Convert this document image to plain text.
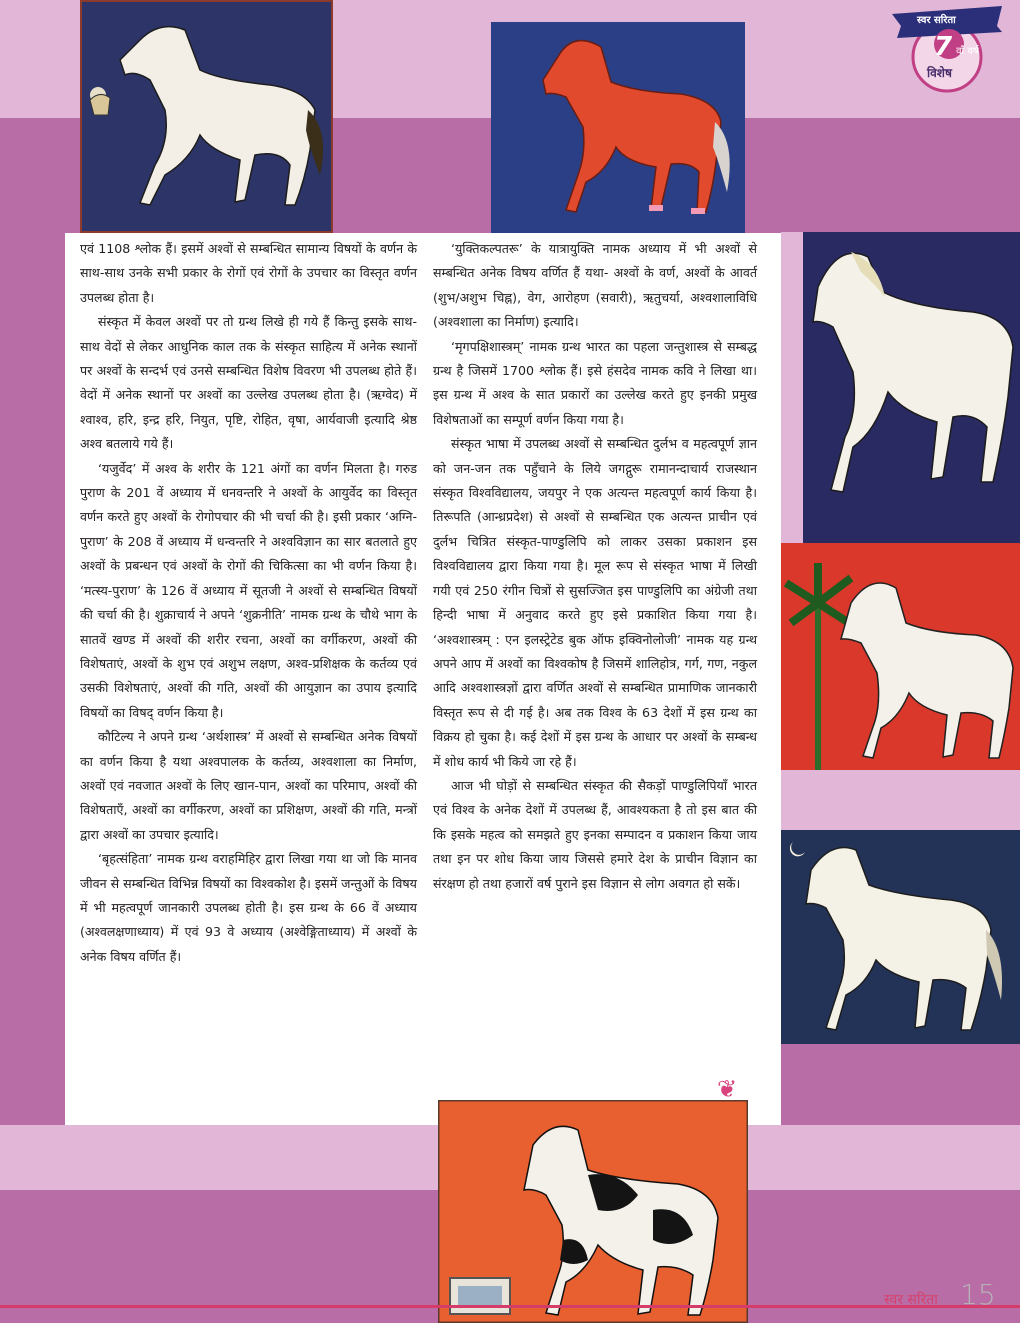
स्वर सरिता
7 वाँ वर्ष
विशेष

एवं 1108 श्लोक हैं। इसमें अश्वों से सम्बन्धित सामान्य विषयों के वर्णन के साथ-साथ उनके सभी प्रकार के रोगों एवं रोगों के उपचार का विस्तृत वर्णन उपलब्ध होता है।

संस्कृत में केवल अश्वों पर तो ग्रन्थ लिखे ही गये हैं किन्तु इसके साथ-साथ वेदों से लेकर आधुनिक काल तक के संस्कृत साहित्य में अनेक स्थानों पर अश्वों के सन्दर्भ एवं उनसे सम्बन्धित विशेष विवरण भी उपलब्ध होते हैं। वेदों में अनेक स्थानों पर अश्वों का उल्लेख उपलब्ध होता है। (ऋग्वेद) में श्वाश्व, हरि, इन्द्र हरि, नियुत, पृष्टि, रोहित, वृषा, आर्यवाजी इत्यादि श्रेष्ठ अश्व बतलाये गये हैं।

‘यजुर्वेद’ में अश्व के शरीर के 121 अंगों का वर्णन मिलता है। गरुड पुराण के 201 वें अध्याय में धनवन्तरि ने अश्वों के आयुर्वेद का विस्तृत वर्णन करते हुए अश्वों के रोगोपचार की भी चर्चा की है। इसी प्रकार ‘अग्नि-पुराण’ के 208 वें अध्याय में धन्वन्तरि ने अश्वविज्ञान का सार बतलाते हुए अश्वों के प्रबन्धन एवं अश्वों के रोगों की चिकित्सा का भी वर्णन किया है। ‘मत्स्य-पुराण’ के 126 वें अध्याय में सूतजी ने अश्वों से सम्बन्धित विषयों की चर्चा की है। शुक्राचार्य ने अपने ‘शुक्रनीति’ नामक ग्रन्थ के चौथे भाग के सातवें खण्ड में अश्वों की शरीर रचना, अश्वों का वर्गीकरण, अश्वों की विशेषताएं, अश्वों के शुभ एवं अशुभ लक्षण, अश्व-प्रशिक्षक के कर्तव्य एवं उसकी विशेषताएं, अश्वों की गति, अश्वों की आयुज्ञान का उपाय इत्यादि विषयों का विषद् वर्णन किया है।

कौटिल्य ने अपने ग्रन्थ ‘अर्थशास्त्र’ में अश्वों से सम्बन्धित अनेक विषयों का वर्णन किया है यथा अश्वपालक के कर्तव्य, अश्वशाला का निर्माण, अश्वों एवं नवजात अश्वों के लिए खान-पान, अश्वों का परिमाप, अश्वों की विशेषताएँ, अश्वों का वर्गीकरण, अश्वों का प्रशिक्षण, अश्वों की गति, मन्त्रों द्वारा अश्वों का उपचार इत्यादि।

‘बृहत्संहिता’ नामक ग्रन्थ वराहमिहिर द्वारा लिखा गया था जो कि मानव जीवन से सम्बन्धित विभिन्न विषयों का विश्वकोश है। इसमें जन्तुओं के विषय में भी महत्वपूर्ण जानकारी उपलब्ध होती है। इस ग्रन्थ के 66 वें अध्याय (अश्वलक्षणाध्याय) में एवं 93 वे अध्याय (अश्वेङ्गिताध्याय) में अश्वों के अनेक विषय वर्णित हैं।

‘युक्तिकल्पतरू’ के यात्रायुक्ति नामक अध्याय में भी अश्वों से सम्बन्धित अनेक विषय वर्णित हैं यथा- अश्वों के वर्ण, अश्वों के आवर्त (शुभ/अशुभ चिह्न), वेग, आरोहण (सवारी), ऋतुचर्या, अश्वशालाविधि (अश्वशाला का निर्माण) इत्यादि।

‘मृगपक्षिशास्त्रम्’ नामक ग्रन्थ भारत का पहला जन्तुशास्त्र से सम्बद्ध ग्रन्थ है जिसमें 1700 श्लोक हैं। इसे हंसदेव नामक कवि ने लिखा था। इस ग्रन्थ में अश्व के सात प्रकारों का उल्लेख करते हुए इनकी प्रमुख विशेषताओं का सम्पूर्ण वर्णन किया गया है।

संस्कृत भाषा में उपलब्ध अश्वों से सम्बन्धित दुर्लभ व महत्वपूर्ण ज्ञान को जन-जन तक पहुँचाने के लिये जगद्गुरू रामानन्दाचार्य राजस्थान संस्कृत विश्वविद्यालय, जयपुर ने एक अत्यन्त महत्वपूर्ण कार्य किया है। तिरूपति (आन्ध्रप्रदेश) से अश्वों से सम्बन्धित एक अत्यन्त प्राचीन एवं दुर्लभ चित्रित संस्कृत-पाण्डुलिपि को लाकर उसका प्रकाशन इस विश्वविद्यालय द्वारा किया गया है। मूल रूप से संस्कृत भाषा में लिखी गयी एवं 250 रंगीन चित्रों से सुसज्जित इस पाण्डुलिपि का अंग्रेजी तथा हिन्दी भाषा में अनुवाद करते हुए इसे प्रकाशित किया गया है। ‘अश्वशास्त्रम् : एन इलस्ट्रेटेड बुक ऑफ इक्विनोलोजी’ नामक यह ग्रन्थ अपने आप में अश्वों का विश्वकोष है जिसमें शालिहोत्र, गर्ग, गण, नकुल आदि अश्वशास्त्रज्ञों द्वारा वर्णित अश्वों से सम्बन्धित प्रामाणिक जानकारी विस्तृत रूप से दी गई है। अब तक विश्व के 63 देशों में इस ग्रन्थ का विक्रय हो चुका है। कई देशों में इस ग्रन्थ के आधार पर अश्वों के सम्बन्ध में शोध कार्य भी किये जा रहे हैं।

आज भी घोड़ों से सम्बन्धित संस्कृत की सैकड़ों पाण्डुलिपियाँ भारत एवं विश्व के अनेक देशों में उपलब्ध हैं, आवश्यकता है तो इस बात की कि इसके महत्व को समझते हुए इनका सम्पादन व प्रकाशन किया जाय तथा इन पर शोध किया जाय जिससे हमारे देश के प्राचीन विज्ञान का संरक्षण हो तथा हजारों वर्ष पुराने इस विज्ञान से लोग अवगत हो सकें।

❦
स्वर सरिता 15
